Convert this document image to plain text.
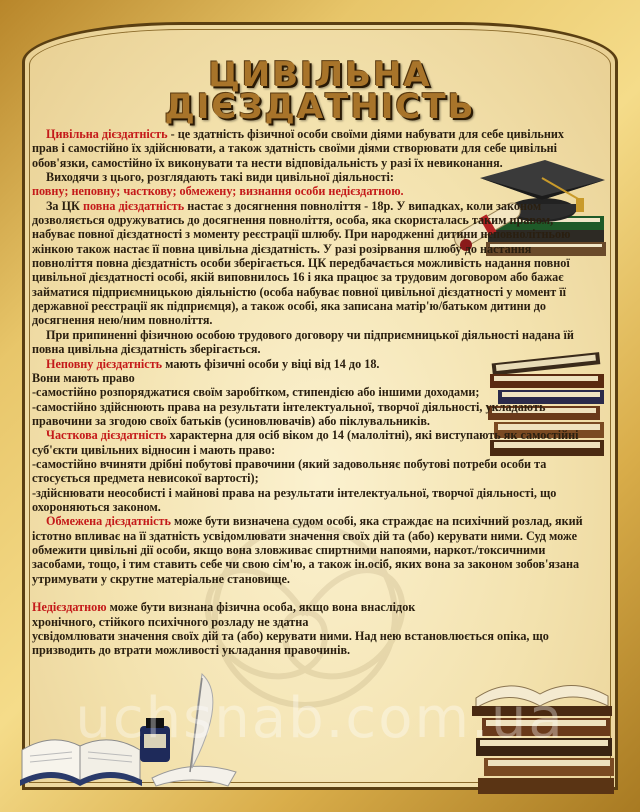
ЦИВІЛЬНА
ДІЄЗДАТНІСТЬ

Цивільна дієздатність - це здатність фізичної особи своїми діями набувати для себе цивільних прав і самостійно їх здійснювати, а також здатність своїми діями створювати для себе цивільні обов'язки, самостійно їх виконувати та нести відповідальність у разі їх невиконання.

Виходячи з цього, розглядають такі види цивільної діяльності:
повну; неповну; часткову; обмежену; визнання особи недієздатною.

За ЦК повна дієздатність настає з досягнення повноліття - 18р. У випадках, коли законом дозволяється одружуватись до досягнення повноліття, особа, яка скористалась таким правом, набуває повної дієздатності з моменту реєстрації шлюбу. При народженні дитини неповнолітньою жінкою також настає її повна цивільна дієздатність. У разі розірвання шлюбу до настання повноліття повна дієздатність особи зберігається. ЦК передбачається можливість надання повної цивільної дієздатності особі, якій виповнилось 16 і яка працює за трудовим договором або бажає займатися підприємницькою діяльністю (особа набуває повної цивільної дієздатності у момент її державної реєстрації як підприємця), а також особі, яка записана матір'ю/батьком дитини до досягнення нею/ним повноліття.

При припиненні фізичною особою трудового договору чи підприємницької діяльності надана їй повна цивільна дієздатність зберігається.

Неповну дієздатність мають фізичні особи у віці від 14 до 18.
Вони мають право
-самостійно розпоряджатися своїм заробітком, стипендією або іншими доходами;
-самостійно здійснюють права на результати інтелектуальної, творчої діяльності, укладають правочини за згодою своїх батьків (усиновлювачів) або піклувальників.

Часткова дієздатність характерна для осіб віком до 14 (малолітні), які виступають як самостійні суб'єкти цивільних відносин і мають право:
-самостійно вчиняти дрібні побутові правочини (який задовольняє побутові потреби особи та стосується предмета невисокої вартості);
-здійснювати неособисті і майнові права на результати інтелектуальної, творчої діяльності, що охороняються законом.

Обмежена дієздатність може бути визначена судом особі, яка страждає на психічний розлад, який істотно впливає на її здатність усвідомлювати значення своїх дій та (або) керувати ними. Суд може обмежити цивільні дії особи, якщо вона зловживає спиртними напоями, наркот./токсичними засобами, тощо, і тим ставить себе чи свою сім'ю, а також ін.осіб, яких вона за законом зобов'язана утримувати у скрутне матеріальне становище.

Недієздатною може бути визнана фізична особа, якщо вона внаслідок хронічного, стійкого психічного розладу не здатна
усвідомлювати значення своїх дій та (або) керувати ними. Над нею встановлюється опіка, що призводить до втрати можливості укладання правочинів.

uchsnab.com.ua
